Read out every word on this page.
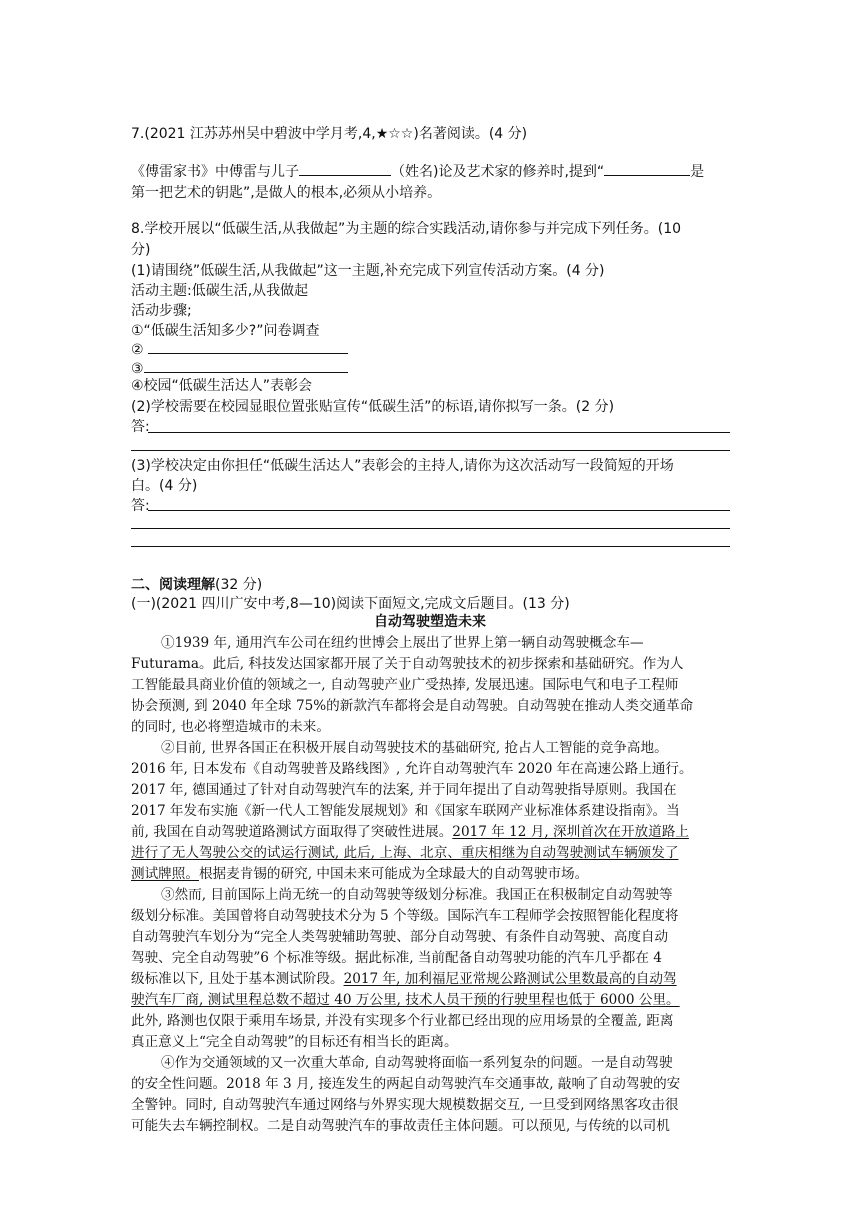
7.(2021 江苏苏州吴中碧波中学月考,4,★☆☆)名著阅读。(4 分)
《傅雷家书》中傅雷与儿子	（姓名)论及艺术家的修养时,提到“	是
第一把艺术的钥匙”,是做人的根本,必须从小培养。
8.学校开展以“低碳生活,从我做起”为主题的综合实践活动,请你参与并完成下列任务。(10
分)
(1)请围绕”低碳生活,从我做起”这一主题,补充完成下列宣传活动方案。(4 分)
活动主题:低碳生活,从我做起
活动步骤;
①“低碳生活知多少?”问卷调查
②
③
④校园“低碳生活达人”表彰会
(2)学校需要在校园显眼位置张贴宣传“低碳生活”的标语,请你拟写一条。(2 分)
答:
(3)学校决定由你担任“低碳生活达人”表彰会的主持人,请你为这次活动写一段简短的开场
白。(4 分)
答:
二、阅读理解(32 分)
(一)(2021 四川广安中考,8—10)阅读下面短文,完成文后题目。(13 分)
自动驾驶塑造未来
①1939 年, 通用汽车公司在纽约世博会上展出了世界上第一辆自动驾驶概念车—
Futurama。此后, 科技发达国家都开展了关于自动驾驶技术的初步探索和基础研究。作为人
工智能最具商业价值的领域之一, 自动驾驶产业广受热捧, 发展迅速。国际电气和电子工程师
协会预测, 到 2040 年全球 75%的新款汽车都将会是自动驾驶。自动驾驶在推动人类交通革命
的同时, 也必将塑造城市的未来。
②目前, 世界各国正在积极开展自动驾驶技术的基础研究, 抢占人工智能的竞争高地。
2016 年, 日本发布《自动驾驶普及路线图》, 允许自动驾驶汽车 2020 年在高速公路上通行。
2017 年, 德国通过了针对自动驾驶汽车的法案, 并于同年提出了自动驾驶指导原则。我国在
2017 年发布实施《新一代人工智能发展规划》和《国家车联网产业标准体系建设指南》。当
前, 我国在自动驾驶道路测试方面取得了突破性进展。2017 年 12 月, 深圳首次在开放道路上
进行了无人驾驶公交的试运行测试, 此后, 上海、北京、重庆相继为自动驾驶测试车辆颁发了
测试牌照。根据麦肯锡的研究, 中国未来可能成为全球最大的自动驾驶市场。
③然而, 目前国际上尚无统一的自动驾驶等级划分标准。我国正在积极制定自动驾驶等
级划分标准。美国曾将自动驾驶技术分为 5 个等级。国际汽车工程师学会按照智能化程度将
自动驾驶汽车划分为“完全人类驾驶辅助驾驶、部分自动驾驶、有条件自动驾驶、高度自动
驾驶、完全自动驾驶”6 个标准等级。据此标准, 当前配备自动驾驶功能的汽车几乎都在 4
级标准以下, 且处于基本测试阶段。2017 年, 加利福尼亚常规公路测试公里数最高的自动驾
驶汽车厂商, 测试里程总数不超过 40 万公里, 技术人员干预的行驶里程也低于 6000 公里。
此外, 路测也仅限于乘用车场景, 并没有实现多个行业都已经出现的应用场景的全覆盖, 距离
真正意义上“完全自动驾驶”的目标还有相当长的距离。
④作为交通领域的又一次重大革命, 自动驾驶将面临一系列复杂的问题。一是自动驾驶
的安全性问题。2018 年 3 月, 接连发生的两起自动驾驶汽车交通事故, 敲响了自动驾驶的安
全警钟。同时, 自动驾驶汽车通过网络与外界实现大规模数据交互, 一旦受到网络黑客攻击很
可能失去车辆控制权。二是自动驾驶汽车的事故责任主体问题。可以预见, 与传统的以司机
